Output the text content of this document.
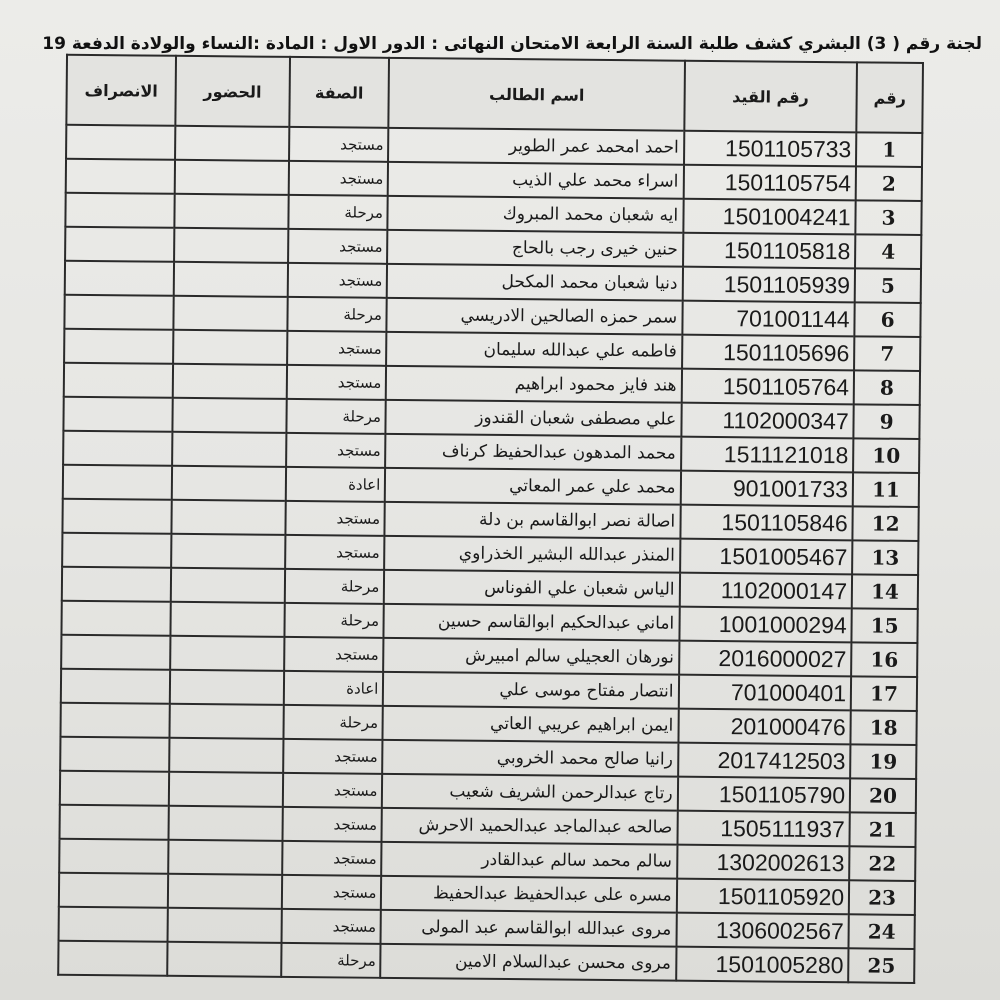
لجنة رقم ( 3) البشري كشف طلبة السنة الرابعة الامتحان النهائى : الدور الاول : المادة :النساء والولادة الدفعة 19
رقم	رقم القيد	اسم الطالب	الصفة	الحضور	الانصراف
1	1501105733	احمد امحمد عمر الطوير	مستجد		
2	1501105754	اسراء محمد علي الذيب	مستجد		
3	1501004241	ايه شعبان محمد المبروك	مرحلة		
4	1501105818	حنين خيرى رجب بالحاج	مستجد		
5	1501105939	دنيا شعبان محمد المكحل	مستجد		
6	701001144	سمر حمزه الصالحين الادريسي	مرحلة		
7	1501105696	فاطمه علي عبدالله سليمان	مستجد		
8	1501105764	هند فايز محمود ابراهيم	مستجد		
9	1102000347	علي مصطفى شعبان القندوز	مرحلة		
10	1511121018	محمد المدهون عبدالحفيظ كرناف	مستجد		
11	901001733	محمد علي عمر المعاتي	اعادة		
12	1501105846	اصالة نصر ابوالقاسم بن دلة	مستجد		
13	1501005467	المنذر عبدالله البشير الخذراوي	مستجد		
14	1102000147	الياس شعبان علي الفوناس	مرحلة		
15	1001000294	اماني عبدالحكيم ابوالقاسم حسين	مرحلة		
16	2016000027	نورهان العجيلي سالم امبيرش	مستجد		
17	701000401	انتصار مفتاح موسى علي	اعادة		
18	201000476	ايمن ابراهيم عريبي العاتي	مرحلة		
19	2017412503	رانيا صالح محمد الخروبي	مستجد		
20	1501105790	رتاج عبدالرحمن الشريف شعيب	مستجد		
21	1505111937	صالحه عبدالماجد عبدالحميد الاحرش	مستجد		
22	1302002613	سالم محمد سالم عبدالقادر	مستجد		
23	1501105920	مسره على عبدالحفيظ عبدالحفيظ	مستجد		
24	1306002567	مروى عبدالله ابوالقاسم عبد المولى	مستجد		
25	1501005280	مروى محسن عبدالسلام الامين	مرحلة		
